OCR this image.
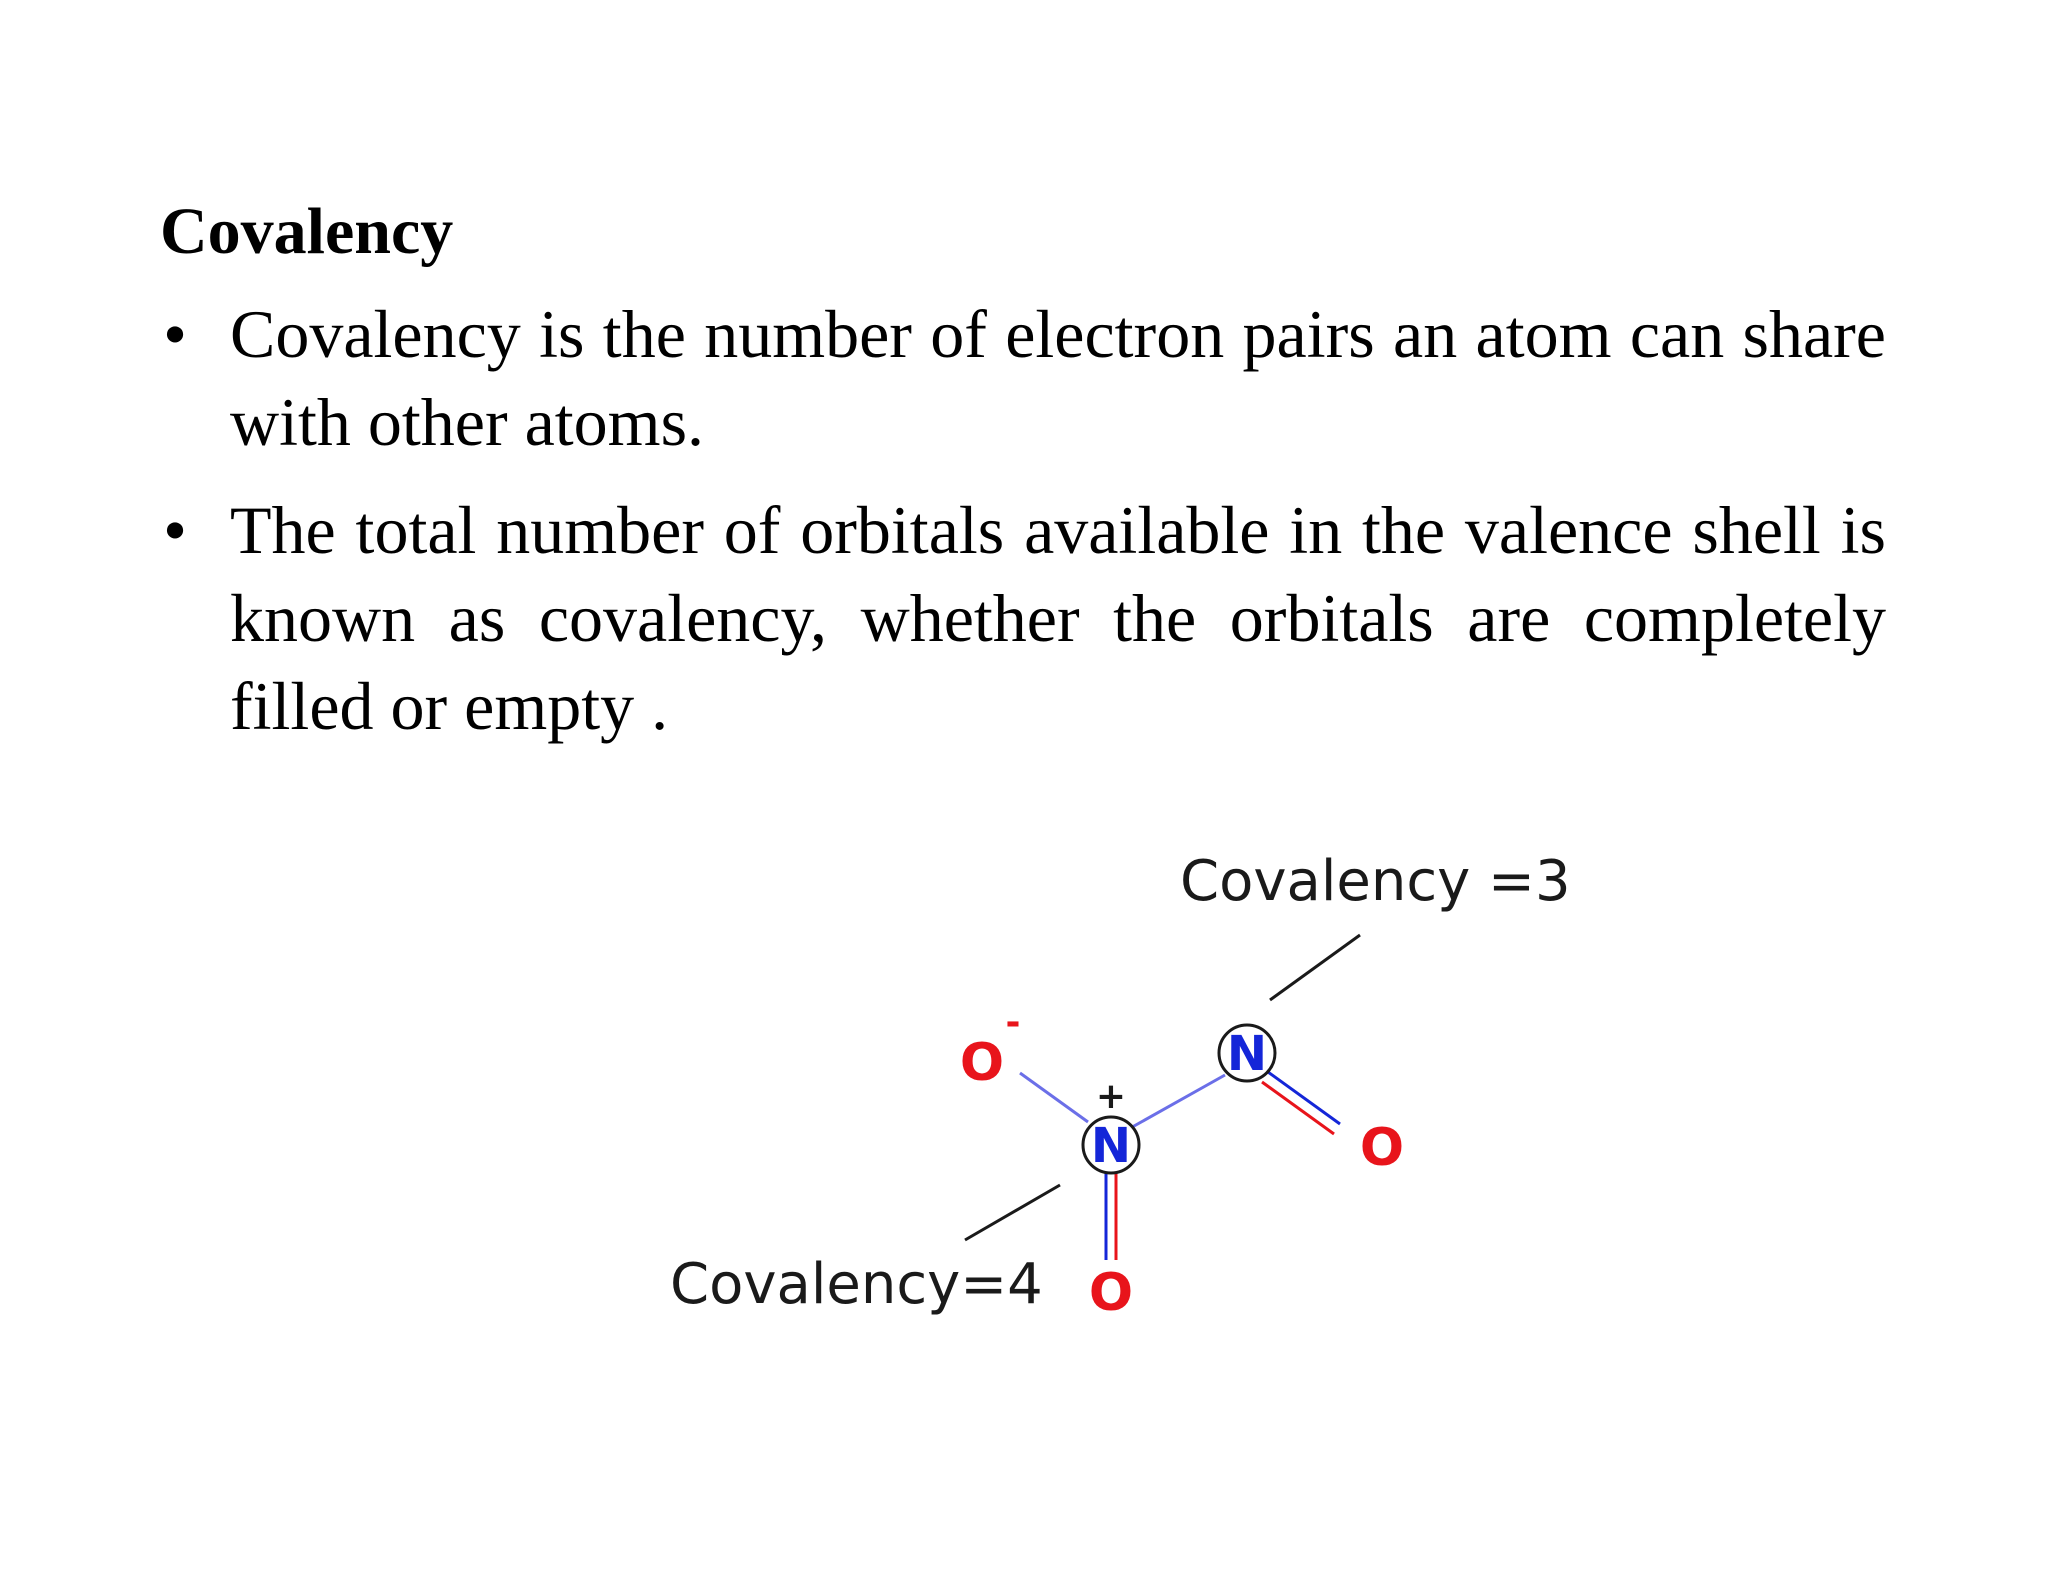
Covalency
• Covalency is the number of electron pairs an atom can share with other atoms.
• The total number of orbitals available in the valence shell is known as covalency, whether the orbitals are completely filled or empty .
N
+
N
O
-
O
O
Covalency =3
Covalency=4
